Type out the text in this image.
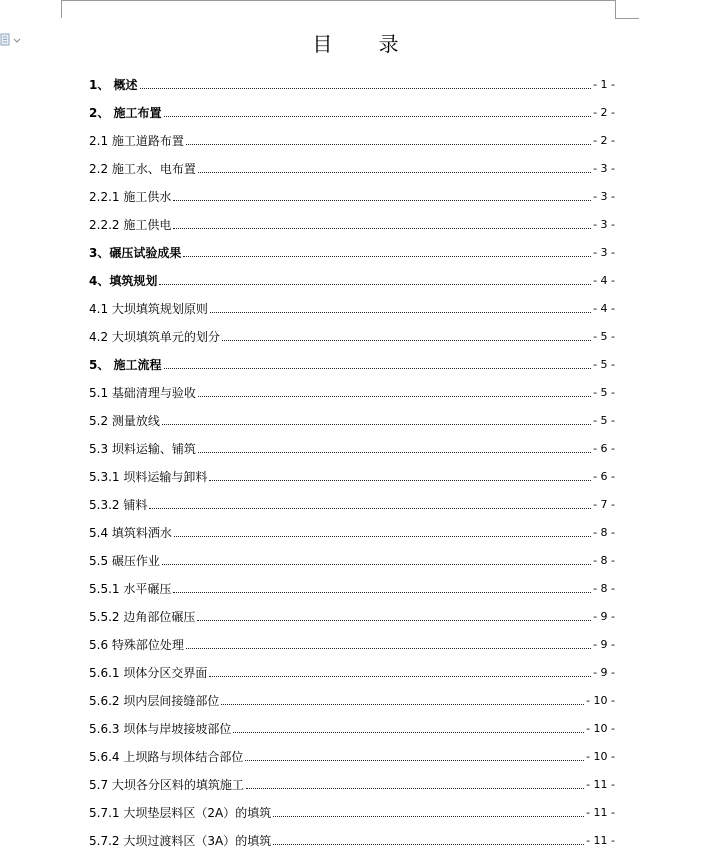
目 录
1、 概述	- 1 -
2、 施工布置	- 2 -
2.1 施工道路布置	- 2 -
2.2 施工水、电布置	- 3 -
2.2.1 施工供水	- 3 -
2.2.2 施工供电	- 3 -
3、碾压试验成果	- 3 -
4、填筑规划	- 4 -
4.1 大坝填筑规划原则	- 4 -
4.2 大坝填筑单元的划分	- 5 -
5、 施工流程	- 5 -
5.1 基础清理与验收	- 5 -
5.2 测量放线	- 5 -
5.3 坝料运输、铺筑	- 6 -
5.3.1 坝料运输与卸料	- 6 -
5.3.2 铺料	- 7 -
5.4 填筑料洒水	- 8 -
5.5 碾压作业	- 8 -
5.5.1 水平碾压	- 8 -
5.5.2 边角部位碾压	- 9 -
5.6 特殊部位处理	- 9 -
5.6.1 坝体分区交界面	- 9 -
5.6.2 坝内层间接缝部位	- 10 -
5.6.3 坝体与岸坡接坡部位	- 10 -
5.6.4 上坝路与坝体结合部位	- 10 -
5.7 大坝各分区料的填筑施工	- 11 -
5.7.1 大坝垫层料区（2A）的填筑	- 11 -
5.7.2 大坝过渡料区（3A）的填筑	- 11 -
